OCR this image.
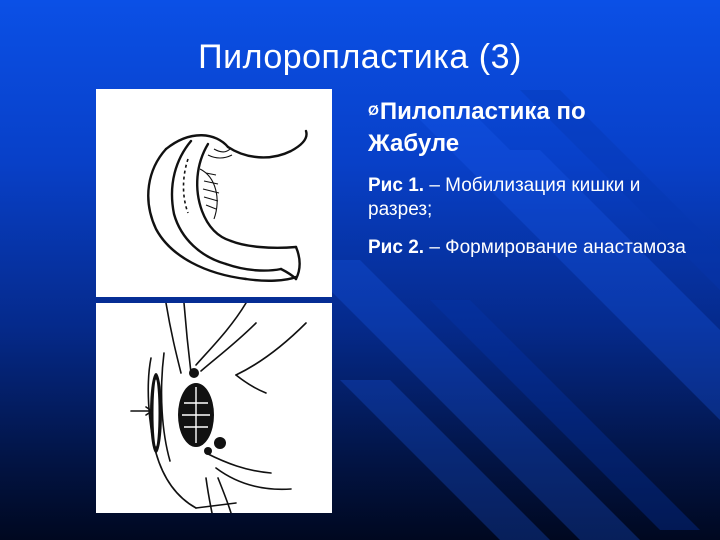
Пилоропластика (3)

ØПилопластика по
Жабуле

Рис 1. – Мобилизация кишки и разрез;

Рис 2. – Формирование анастамоза
